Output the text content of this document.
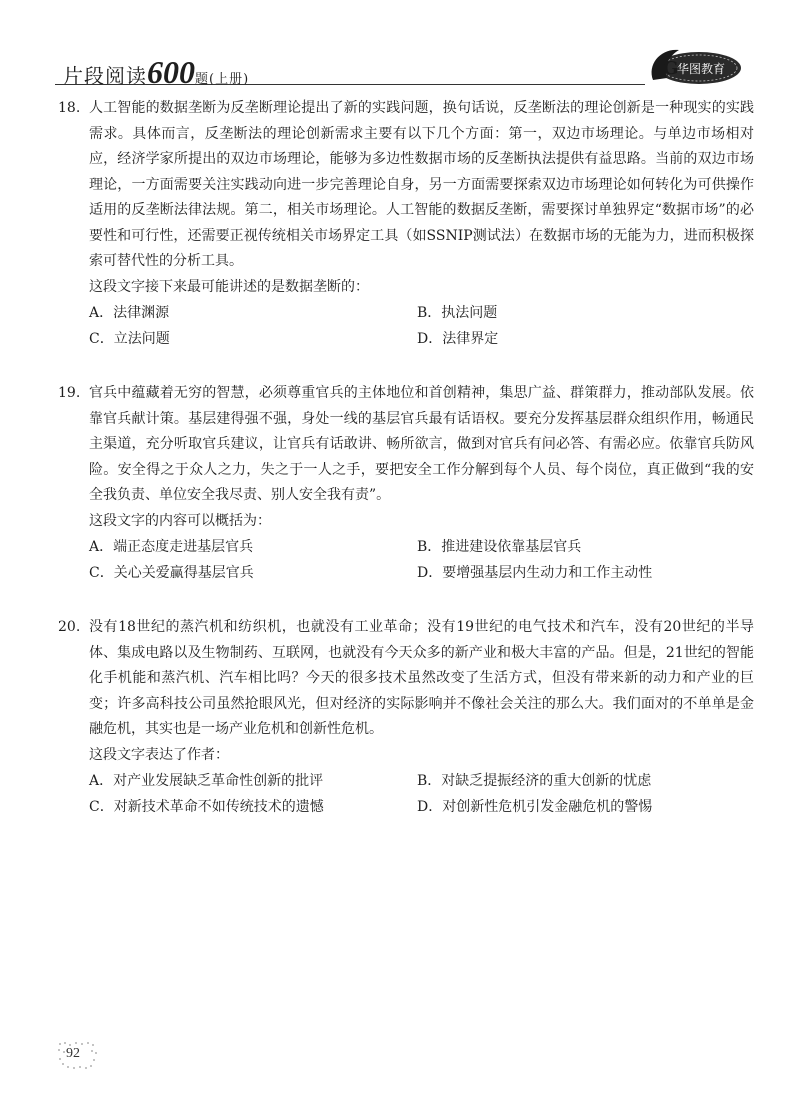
片段阅读600题(上册)
G
华图教育
18. 人工智能的数据垄断为反垄断理论提出了新的实践问题，换句话说，反垄断法的理论创新是一种现实的实践需求。具体而言，反垄断法的理论创新需求主要有以下几个方面：第一，双边市场理论。与单边市场相对应，经济学家所提出的双边市场理论，能够为多边性数据市场的反垄断执法提供有益思路。当前的双边市场理论，一方面需要关注实践动向进一步完善理论自身，另一方面需要探索双边市场理论如何转化为可供操作适用的反垄断法律法规。第二，相关市场理论。人工智能的数据反垄断，需要探讨单独界定“数据市场”的必要性和可行性，还需要正视传统相关市场界定工具（如SSNIP测试法）在数据市场的无能为力，进而积极探索可替代性的分析工具。

这段文字接下来最可能讲述的是数据垄断的：

A．法律渊源	B．执法问题
C．立法问题	D．法律界定
19. 官兵中蕴藏着无穷的智慧，必须尊重官兵的主体地位和首创精神，集思广益、群策群力，推动部队发展。依靠官兵献计策。基层建得强不强，身处一线的基层官兵最有话语权。要充分发挥基层群众组织作用，畅通民主渠道，充分听取官兵建议，让官兵有话敢讲、畅所欲言，做到对官兵有问必答、有需必应。依靠官兵防风险。安全得之于众人之力，失之于一人之手，要把安全工作分解到每个人员、每个岗位，真正做到“我的安全我负责、单位安全我尽责、别人安全我有责”。

这段文字的内容可以概括为：

A．端正态度走进基层官兵	B．推进建设依靠基层官兵
C．关心关爱赢得基层官兵	D．要增强基层内生动力和工作主动性
20. 没有18世纪的蒸汽机和纺织机，也就没有工业革命；没有19世纪的电气技术和汽车，没有20世纪的半导体、集成电路以及生物制药、互联网，也就没有今天众多的新产业和极大丰富的产品。但是，21世纪的智能化手机能和蒸汽机、汽车相比吗？今天的很多技术虽然改变了生活方式，但没有带来新的动力和产业的巨变；许多高科技公司虽然抢眼风光，但对经济的实际影响并不像社会关注的那么大。我们面对的不单单是金融危机，其实也是一场产业危机和创新性危机。

这段文字表达了作者：

A．对产业发展缺乏革命性创新的批评	B．对缺乏提振经济的重大创新的忧虑
C．对新技术革命不如传统技术的遗憾	D．对创新性危机引发金融危机的警惕
92
